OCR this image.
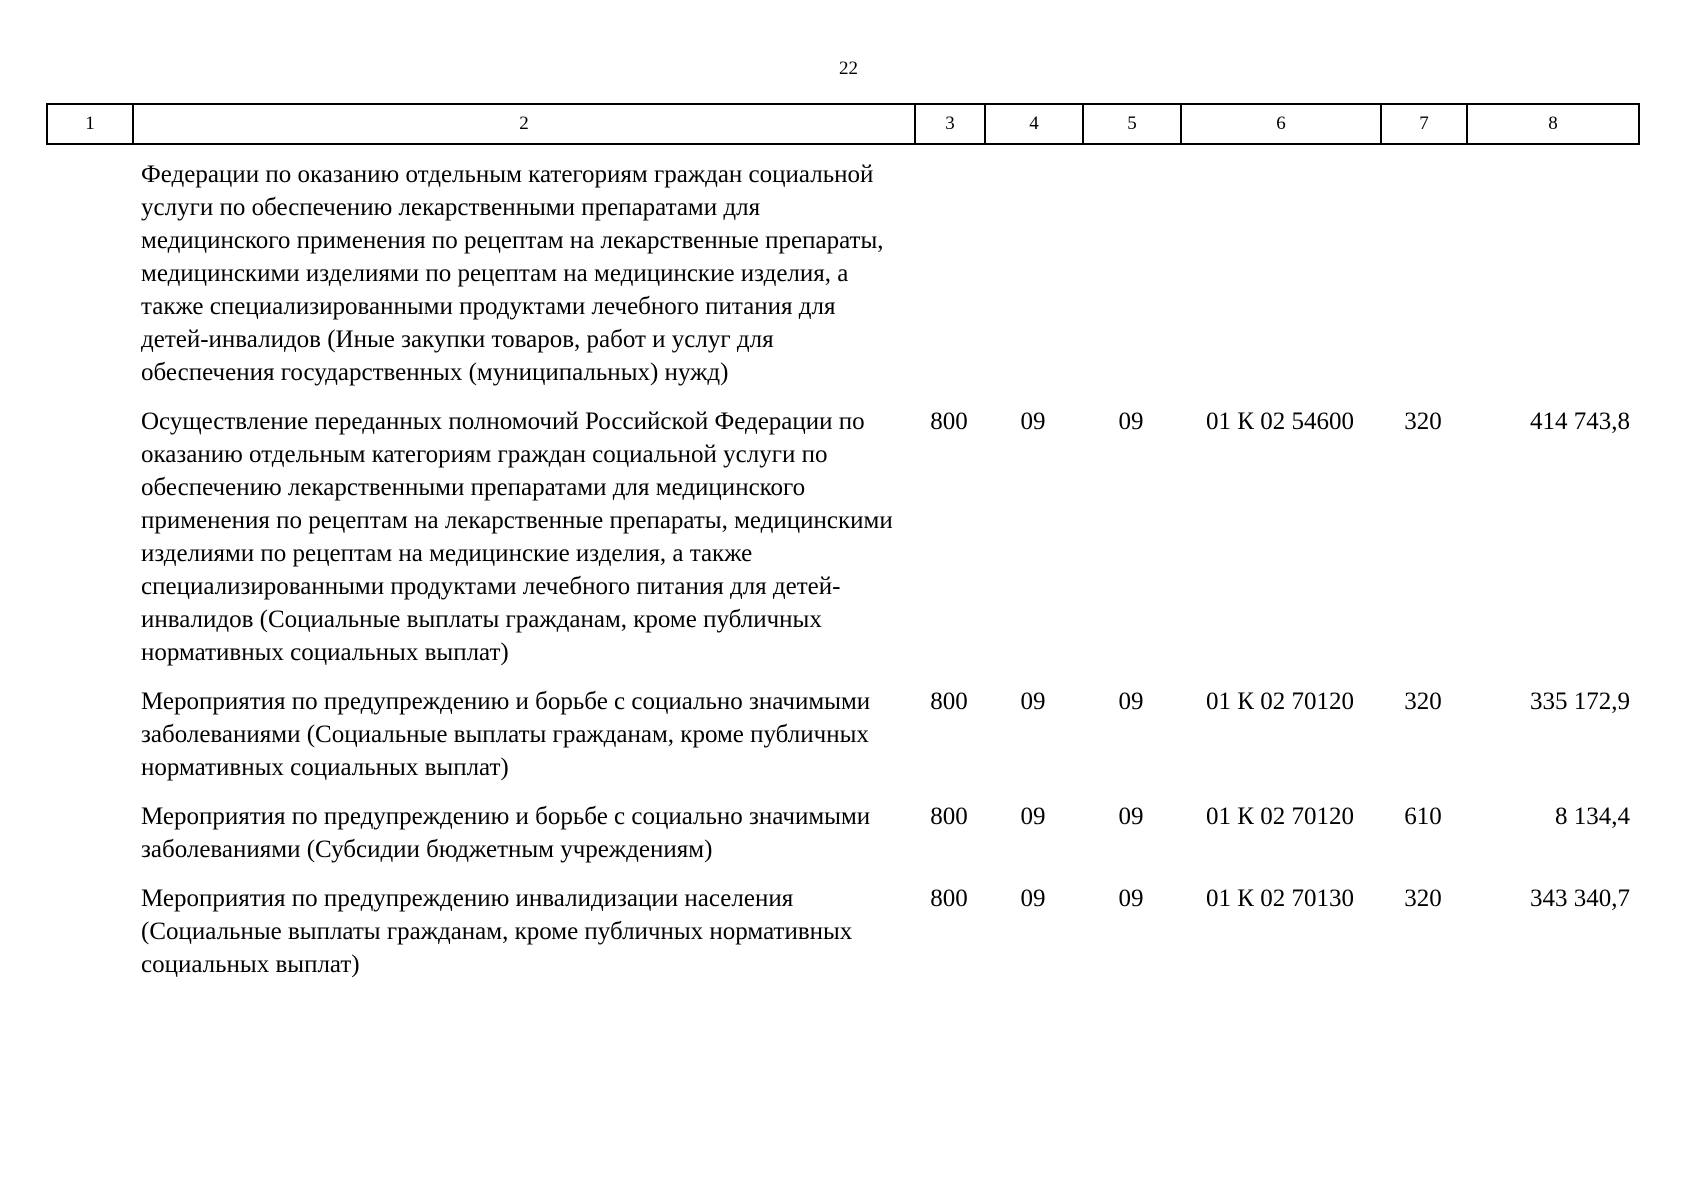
22
1	2	3	4	5	6	7	8
Федерации по оказанию отдельным категориям граждан социальной услуги по обеспечению лекарственными препаратами для медицинского применения по рецептам на лекарственные препараты, медицинскими изделиями по рецептам на медицинские изделия, а также специализированными продуктами лечебного питания для детей-инвалидов (Иные закупки товаров, работ и услуг для обеспечения государственных (муниципальных) нужд)						
Осуществление переданных полномочий Российской Федерации по оказанию отдельным категориям граждан социальной услуги по обеспечению лекарственными препаратами для медицинского применения по рецептам на лекарственные препараты, медицинскими изделиями по рецептам на медицинские изделия, а также специализированными продуктами лечебного питания для детей-инвалидов (Социальные выплаты гражданам, кроме публичных нормативных социальных выплат)	800	09	09	01 К 02 54600	320	414 743,8
Мероприятия по предупреждению и борьбе с социально значимыми заболеваниями (Социальные выплаты гражданам, кроме публичных нормативных социальных выплат)	800	09	09	01 К 02 70120	320	335 172,9
Мероприятия по предупреждению и борьбе с социально значимыми заболеваниями (Субсидии бюджетным учреждениям)	800	09	09	01 К 02 70120	610	8 134,4
Мероприятия по предупреждению инвалидизации населения (Социальные выплаты гражданам, кроме публичных нормативных социальных выплат)	800	09	09	01 К 02 70130	320	343 340,7
